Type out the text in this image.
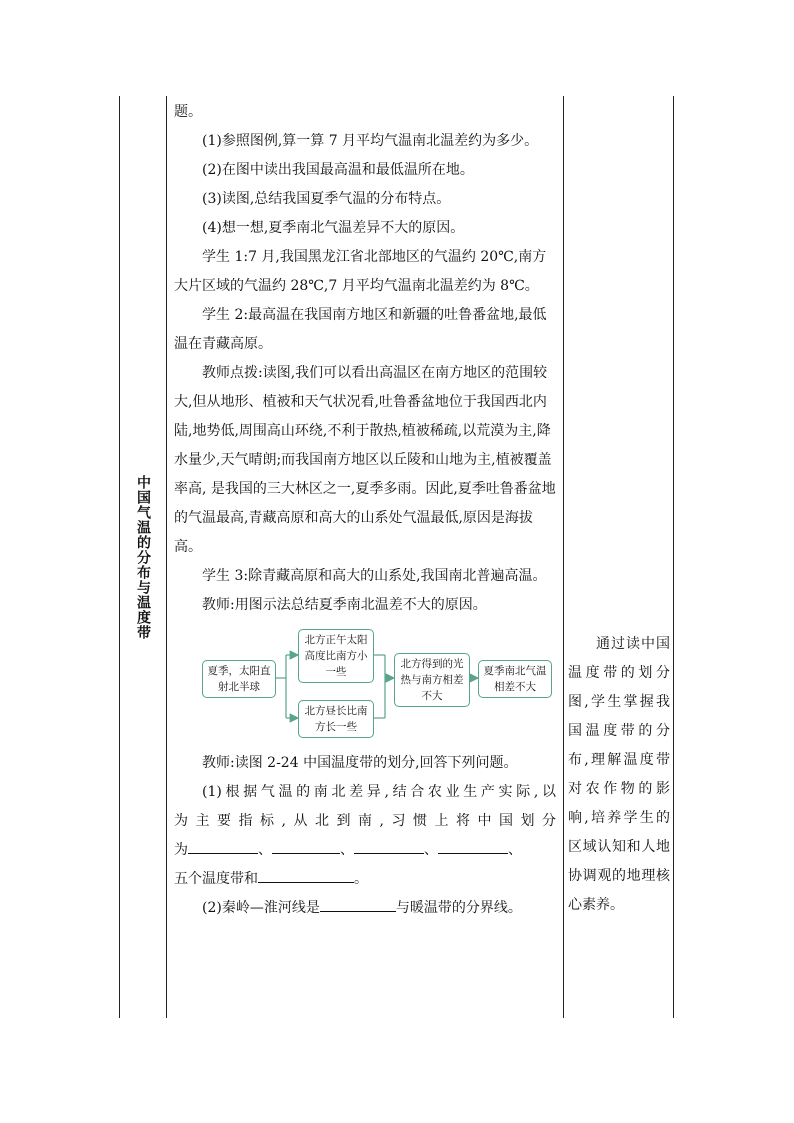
中国气温的分布与温度带

题。

(1)参照图例,算一算 7 月平均气温南北温差约为多少。

(2)在图中读出我国最高温和最低温所在地。

(3)读图,总结我国夏季气温的分布特点。

(4)想一想,夏季南北气温差异不大的原因。

学生 1:7 月,我国黑龙江省北部地区的气温约 20℃,南方大片区域的气温约 28℃,7 月平均气温南北温差约为 8℃。

学生 2:最高温在我国南方地区和新疆的吐鲁番盆地,最低温在青藏高原。

教师点拨:读图,我们可以看出高温区在南方地区的范围较大,但从地形、植被和天气状况看,吐鲁番盆地位于我国西北内陆,地势低,周围高山环绕,不利于散热,植被稀疏,以荒漠为主,降水量少,天气晴朗;而我国南方地区以丘陵和山地为主,植被覆盖率高, 是我国的三大林区之一,夏季多雨。因此,夏季吐鲁番盆地的气温最高,青藏高原和高大的山系处气温最低,原因是海拔高。

学生 3:除青藏高原和高大的山系处,我国南北普遍高温。

教师:用图示法总结夏季南北温差不大的原因。

夏季，太阳直射北半球
北方正午太阳高度比南方小一些
北方昼长比南方长一些
北方得到的光热与南方相差不大
夏季南北气温相差不大

教师:读图 2-24 中国温度带的划分,回答下列问题。

(1)根据气温的南北差异,结合农业生产实际,以

为主要指标,从北到南,习惯上将中国划分

为	、	、	、	、

五个温度带和	。

(2)秦岭—淮河线是	与暖温带的分界线。

通过读中国温度带的划分图,学生掌握我国温度带的分布,理解温度带对农作物的影响,培养学生的区域认知和人地协调观的地理核心素养。
